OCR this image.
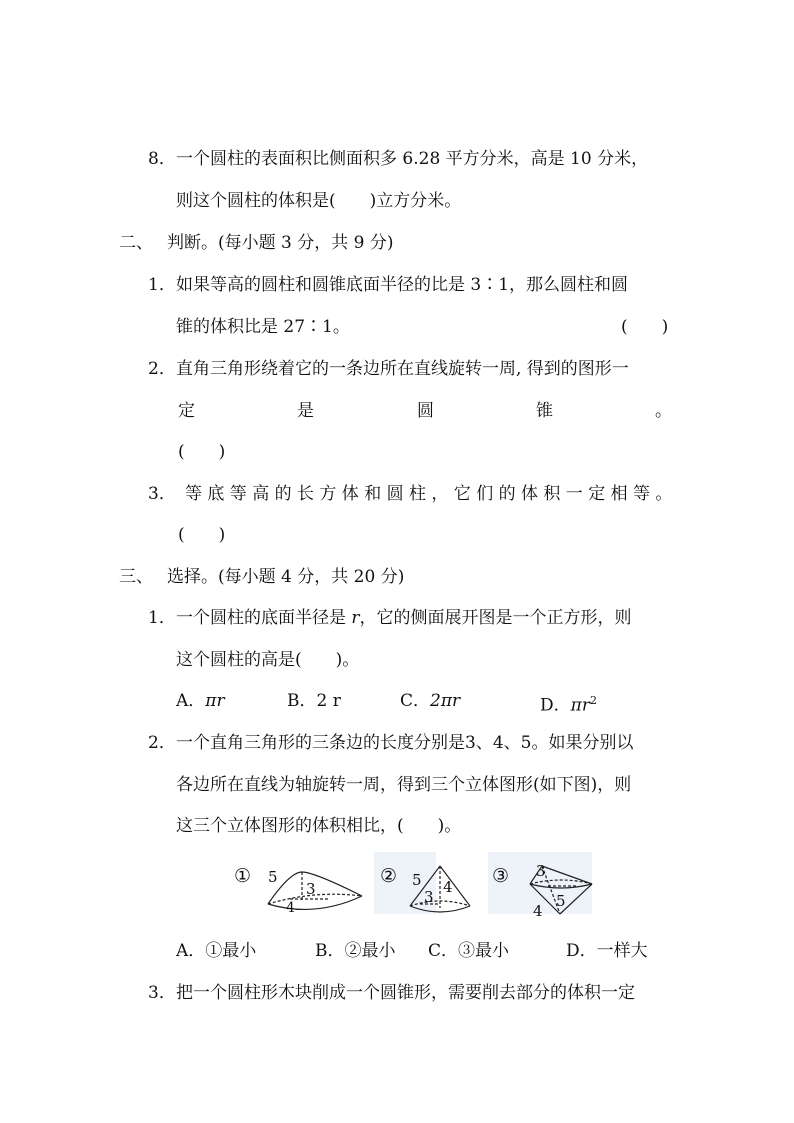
8． 一个圆柱的表面积比侧面积多 6.28 平方分米，高是 10 分米，
则这个圆柱的体积是(　　)立方分米。
二、 判断。(每小题 3 分，共 9 分)
1． 如果等高的圆柱和圆锥底面半径的比是 3∶1，那么圆柱和圆
锥的体积比是 27∶1。	(　　)
2． 直角三角形绕着它的一条边所在直线旋转一周, 得到的图形一
定	是	圆	锥	。
(　　)
3． 等底等高的长方体和圆柱，它们的体积一定相等。
(　　)
三、 选择。(每小题 4 分，共 20 分)
1． 一个圆柱的底面半径是 r，它的侧面展开图是一个正方形，则
这个圆柱的高是(　　)。
A．πr	B．2 r	C．2πr	D．$\pi r^2$
2． 一个直角三角形的三条边的长度分别是3、4、5。如果分别以
各边所在直线为轴旋转一周，得到三个立体图形(如下图)，则
这三个立体图形的体积相比，(　　)。
① 5
3
4
② 5 4
3
③ 3
5
4
A．①最小	B．②最小 C．③最小	D．一样大
3． 把一个圆柱形木块削成一个圆锥形，需要削去部分的体积一定
